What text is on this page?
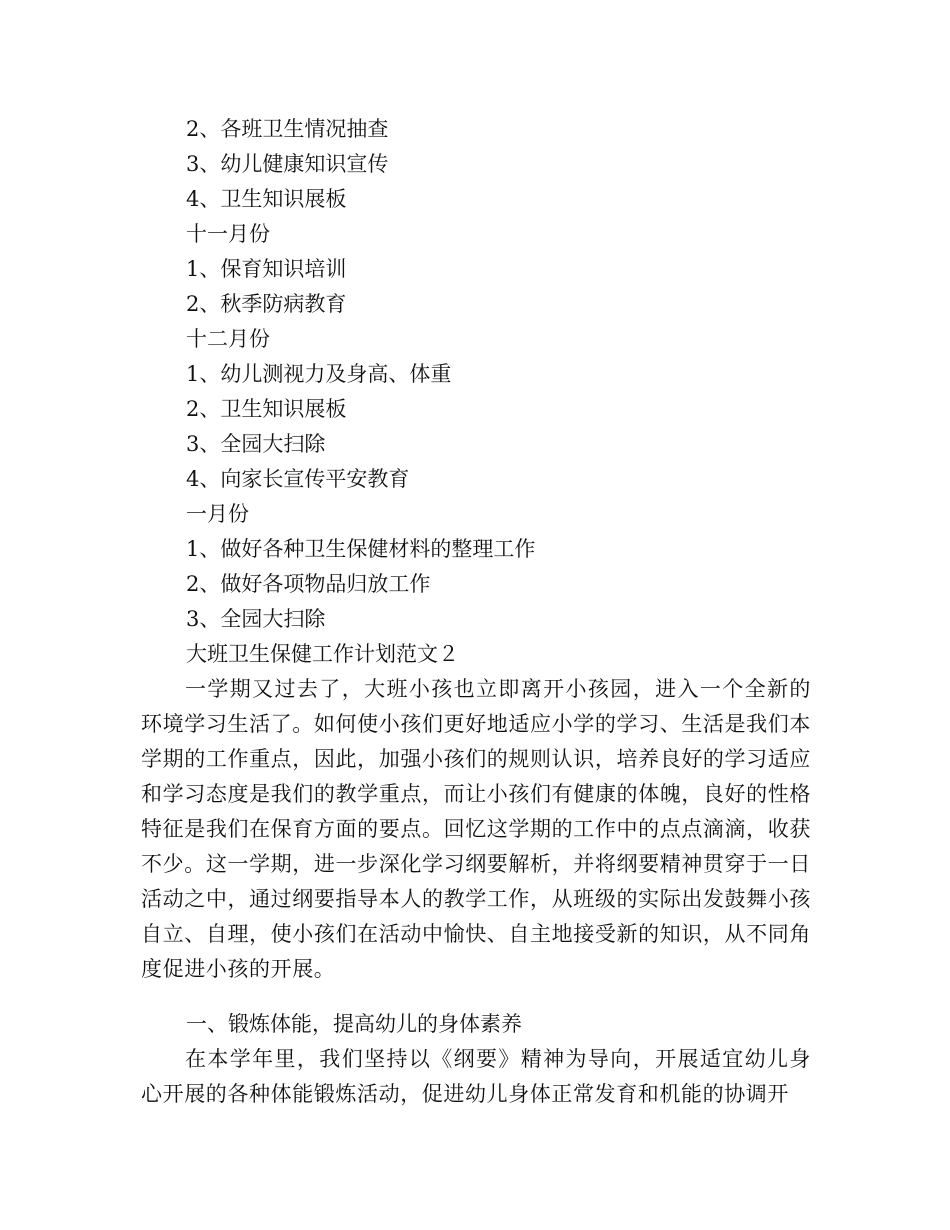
2、各班卫生情况抽查
3、幼儿健康知识宣传
4、卫生知识展板
十一月份
1、保育知识培训
2、秋季防病教育
十二月份
1、幼儿测视力及身高、体重
2、卫生知识展板
3、全园大扫除
4、向家长宣传平安教育
一月份
1、做好各种卫生保健材料的整理工作
2、做好各项物品归放工作
3、全园大扫除
大班卫生保健工作计划范文２

一学期又过去了，大班小孩也立即离开小孩园，进入一个全新的环境学习生活了。如何使小孩们更好地适应小学的学习、生活是我们本学期的工作重点，因此，加强小孩们的规则认识，培养良好的学习适应和学习态度是我们的教学重点，而让小孩们有健康的体魄，良好的性格特征是我们在保育方面的要点。回忆这学期的工作中的点点滴滴，收获不少。这一学期，进一步深化学习纲要解析，并将纲要精神贯穿于一日活动之中，通过纲要指导本人的教学工作，从班级的实际出发鼓舞小孩自立、自理，使小孩们在活动中愉快、自主地接受新的知识，从不同角度促进小孩的开展。

一、锻炼体能，提高幼儿的身体素养

在本学年里，我们坚持以《纲要》精神为导向，开展适宜幼儿身心开展的各种体能锻炼活动，促进幼儿身体正常发育和机能的协调开
